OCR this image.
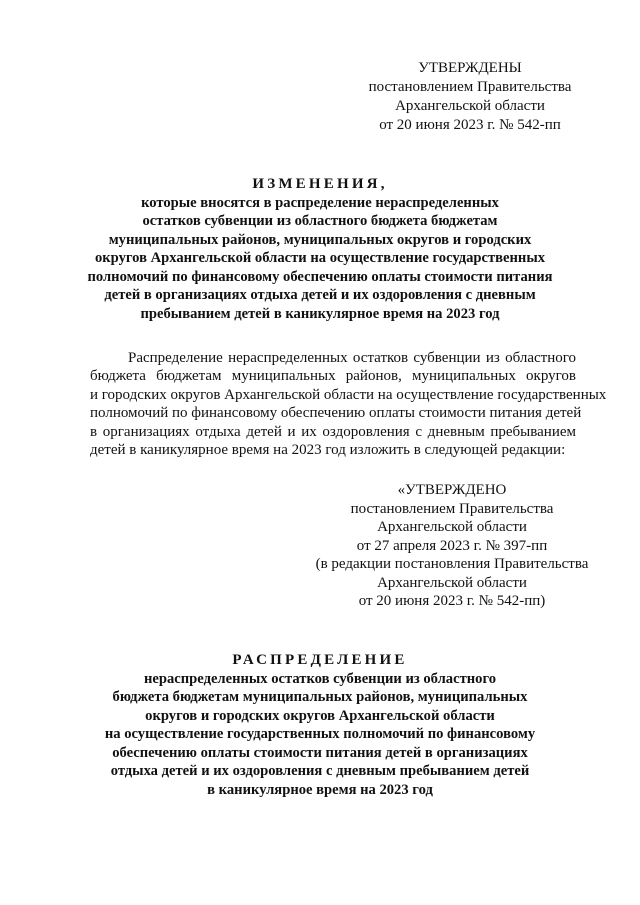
УТВЕРЖДЕНЫ
постановлением Правительства
Архангельской области
от 20 июня 2023 г. № 542-пп
ИЗМЕНЕНИЯ,
которые вносятся в распределение нераспределенных
остатков субвенции из областного бюджета бюджетам
муниципальных районов, муниципальных округов и городских
округов Архангельской области на осуществление государственных
полномочий по финансовому обеспечению оплаты стоимости питания
детей в организациях отдыха детей и их оздоровления с дневным
пребыванием детей в каникулярное время на 2023 год
Распределение нераспределенных остатков субвенции из областного
бюджета бюджетам муниципальных районов, муниципальных округов
и городских округов Архангельской области на осуществление государственных
полномочий по финансовому обеспечению оплаты стоимости питания детей
в организациях отдыха детей и их оздоровления с дневным пребыванием
детей в каникулярное время на 2023 год изложить в следующей редакции:
«УТВЕРЖДЕНО
постановлением Правительства
Архангельской области
от 27 апреля 2023 г. № 397-пп
(в редакции постановления Правительства
Архангельской области
от 20 июня 2023 г. № 542-пп)
РАСПРЕДЕЛЕНИЕ
нераспределенных остатков субвенции из областного
бюджета бюджетам муниципальных районов, муниципальных
округов и городских округов Архангельской области
на осуществление государственных полномочий по финансовому
обеспечению оплаты стоимости питания детей в организациях
отдыха детей и их оздоровления с дневным пребыванием детей
в каникулярное время на 2023 год
